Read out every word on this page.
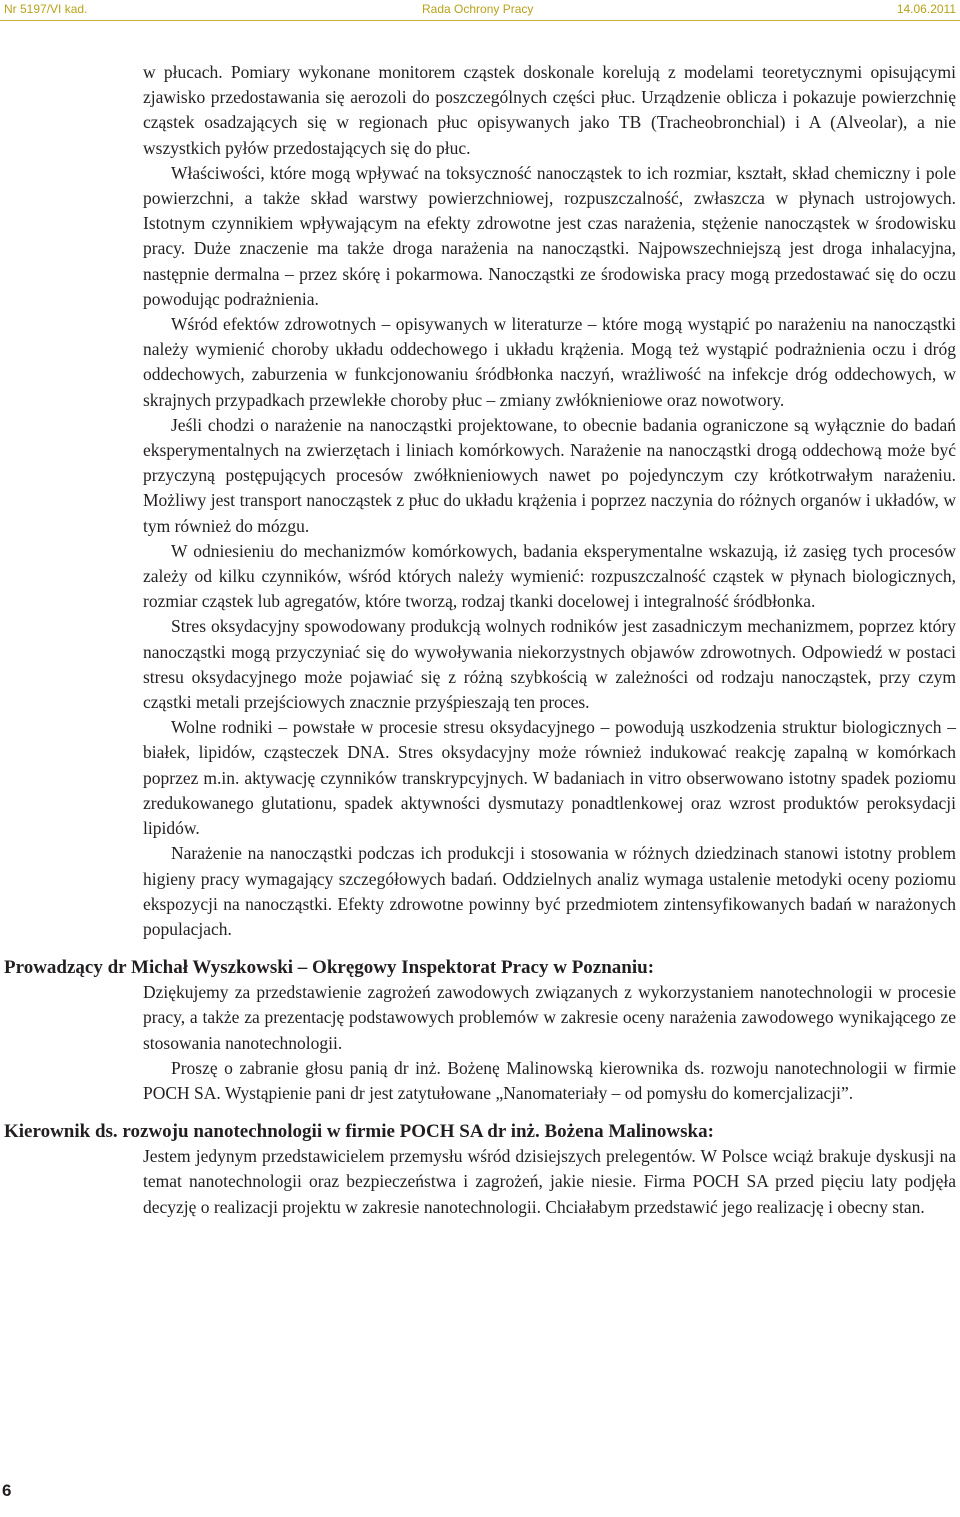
Nr 5197/VI kad.	Rada Ochrony Pracy	14.06.2011

w płucach. Pomiary wykonane monitorem cząstek doskonale korelują z modelami teoretycznymi opisującymi zjawisko przedostawania się aerozoli do poszczególnych części płuc. Urządzenie oblicza i pokazuje powierzchnię cząstek osadzających się w regionach płuc opisywanych jako TB (Tracheobronchial) i A (Alveolar), a nie wszystkich pyłów przedostających się do płuc.

Właściwości, które mogą wpływać na toksyczność nanocząstek to ich rozmiar, kształt, skład chemiczny i pole powierzchni, a także skład warstwy powierzchniowej, rozpuszczalność, zwłaszcza w płynach ustrojowych. Istotnym czynnikiem wpływającym na efekty zdrowotne jest czas narażenia, stężenie nanocząstek w środowisku pracy. Duże znaczenie ma także droga narażenia na nanocząstki. Najpowszechniejszą jest droga inhalacyjna, następnie dermalna – przez skórę i pokarmowa. Nanocząstki ze środowiska pracy mogą przedostawać się do oczu powodując podrażnienia.

Wśród efektów zdrowotnych – opisywanych w literaturze – które mogą wystąpić po narażeniu na nanocząstki należy wymienić choroby układu oddechowego i układu krążenia. Mogą też wystąpić podrażnienia oczu i dróg oddechowych, zaburzenia w funkcjonowaniu śródbłonka naczyń, wrażliwość na infekcje dróg oddechowych, w skrajnych przypadkach przewlekłe choroby płuc – zmiany zwłóknieniowe oraz nowotwory.

Jeśli chodzi o narażenie na nanocząstki projektowane, to obecnie badania ograniczone są wyłącznie do badań eksperymentalnych na zwierzętach i liniach komórkowych. Narażenie na nanocząstki drogą oddechową może być przyczyną postępujących procesów zwółknieniowych nawet po pojedynczym czy krótkotrwałym narażeniu. Możliwy jest transport nanocząstek z płuc do układu krążenia i poprzez naczynia do różnych organów i układów, w tym również do mózgu.

W odniesieniu do mechanizmów komórkowych, badania eksperymentalne wskazują, iż zasięg tych procesów zależy od kilku czynników, wśród których należy wymienić: rozpuszczalność cząstek w płynach biologicznych, rozmiar cząstek lub agregatów, które tworzą, rodzaj tkanki docelowej i integralność śródbłonka.

Stres oksydacyjny spowodowany produkcją wolnych rodników jest zasadniczym mechanizmem, poprzez który nanocząstki mogą przyczyniać się do wywoływania niekorzystnych objawów zdrowotnych. Odpowiedź w postaci stresu oksydacyjnego może pojawiać się z różną szybkością w zależności od rodzaju nanocząstek, przy czym cząstki metali przejściowych znacznie przyśpieszają ten proces.

Wolne rodniki – powstałe w procesie stresu oksydacyjnego – powodują uszkodzenia struktur biologicznych – białek, lipidów, cząsteczek DNA. Stres oksydacyjny może również indukować reakcję zapalną w komórkach poprzez m.in. aktywację czynników transkrypcyjnych. W badaniach in vitro obserwowano istotny spadek poziomu zredukowanego glutationu, spadek aktywności dysmutazy ponadtlenkowej oraz wzrost produktów peroksydacji lipidów.

Narażenie na nanocząstki podczas ich produkcji i stosowania w różnych dziedzinach stanowi istotny problem higieny pracy wymagający szczegółowych badań. Oddzielnych analiz wymaga ustalenie metodyki oceny poziomu ekspozycji na nanocząstki. Efekty zdrowotne powinny być przedmiotem zintensyfikowanych badań w narażonych populacjach.

Prowadzący dr Michał Wyszkowski – Okręgowy Inspektorat Pracy w Poznaniu:

Dziękujemy za przedstawienie zagrożeń zawodowych związanych z wykorzystaniem nanotechnologii w procesie pracy, a także za prezentację podstawowych problemów w zakresie oceny narażenia zawodowego wynikającego ze stosowania nanotechnologii.

Proszę o zabranie głosu panią dr inż. Bożenę Malinowską kierownika ds. rozwoju nanotechnologii w firmie POCH SA. Wystąpienie pani dr jest zatytułowane „Nanomateriały – od pomysłu do komercjalizacji”.

Kierownik ds. rozwoju nanotechnologii w firmie POCH SA dr inż. Bożena Malinowska:

Jestem jedynym przedstawicielem przemysłu wśród dzisiejszych prelegentów. W Polsce wciąż brakuje dyskusji na temat nanotechnologii oraz bezpieczeństwa i zagrożeń, jakie niesie. Firma POCH SA przed pięciu laty podjęła decyzję o realizacji projektu w zakresie nanotechnologii. Chciałabym przedstawić jego realizację i obecny stan.

6
